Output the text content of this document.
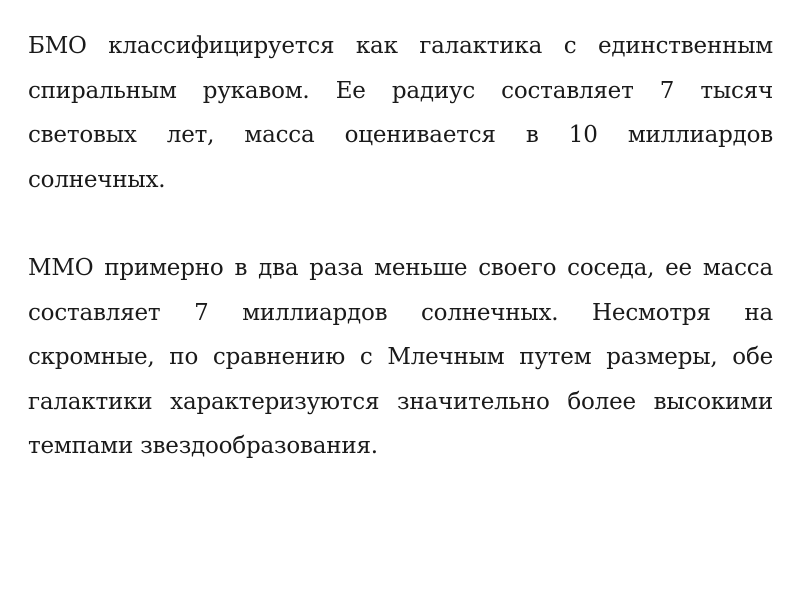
БМО классифицируется как галактика с единственным спиральным рукавом. Ее радиус составляет 7 тысяч световых лет, масса оценивается в 10 миллиардов солнечных.

ММО примерно в два раза меньше своего соседа, ее масса составляет 7 миллиардов солнечных. Несмотря на скромные, по сравнению с Млечным путем размеры, обе галактики характеризуются значительно более высокими темпами звездообразования.
